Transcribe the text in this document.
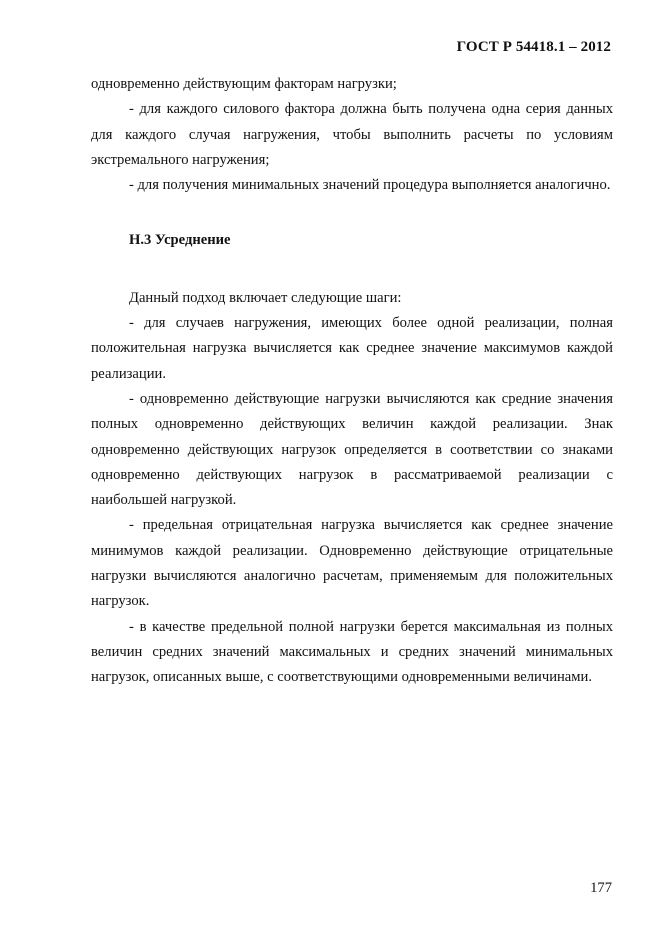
ГОСТ Р 54418.1 – 2012

одновременно действующим факторам нагрузки;

- для каждого силового фактора должна быть получена одна серия данных для каждого случая нагружения, чтобы выполнить расчеты по условиям экстремального нагружения;

- для получения минимальных значений процедура выполняется аналогично.

Н.3 Усреднение

Данный подход включает следующие шаги:

- для случаев нагружения, имеющих более одной реализации, полная положительная нагрузка вычисляется как среднее значение максимумов каждой реализации.

- одновременно действующие нагрузки вычисляются как средние значения полных одновременно действующих величин каждой реализации. Знак одновременно действующих нагрузок определяется в соответствии со знаками одновременно действующих нагрузок в рассматриваемой реализации с наибольшей нагрузкой.

- предельная отрицательная нагрузка вычисляется как среднее значение минимумов каждой реализации. Одновременно действующие отрицательные нагрузки вычисляются аналогично расчетам, применяемым для положительных нагрузок.

- в качестве предельной полной нагрузки берется максимальная из полных величин средних значений максимальных и средних значений минимальных нагрузок, описанных выше, с соответствующими одновременными величинами.

177
